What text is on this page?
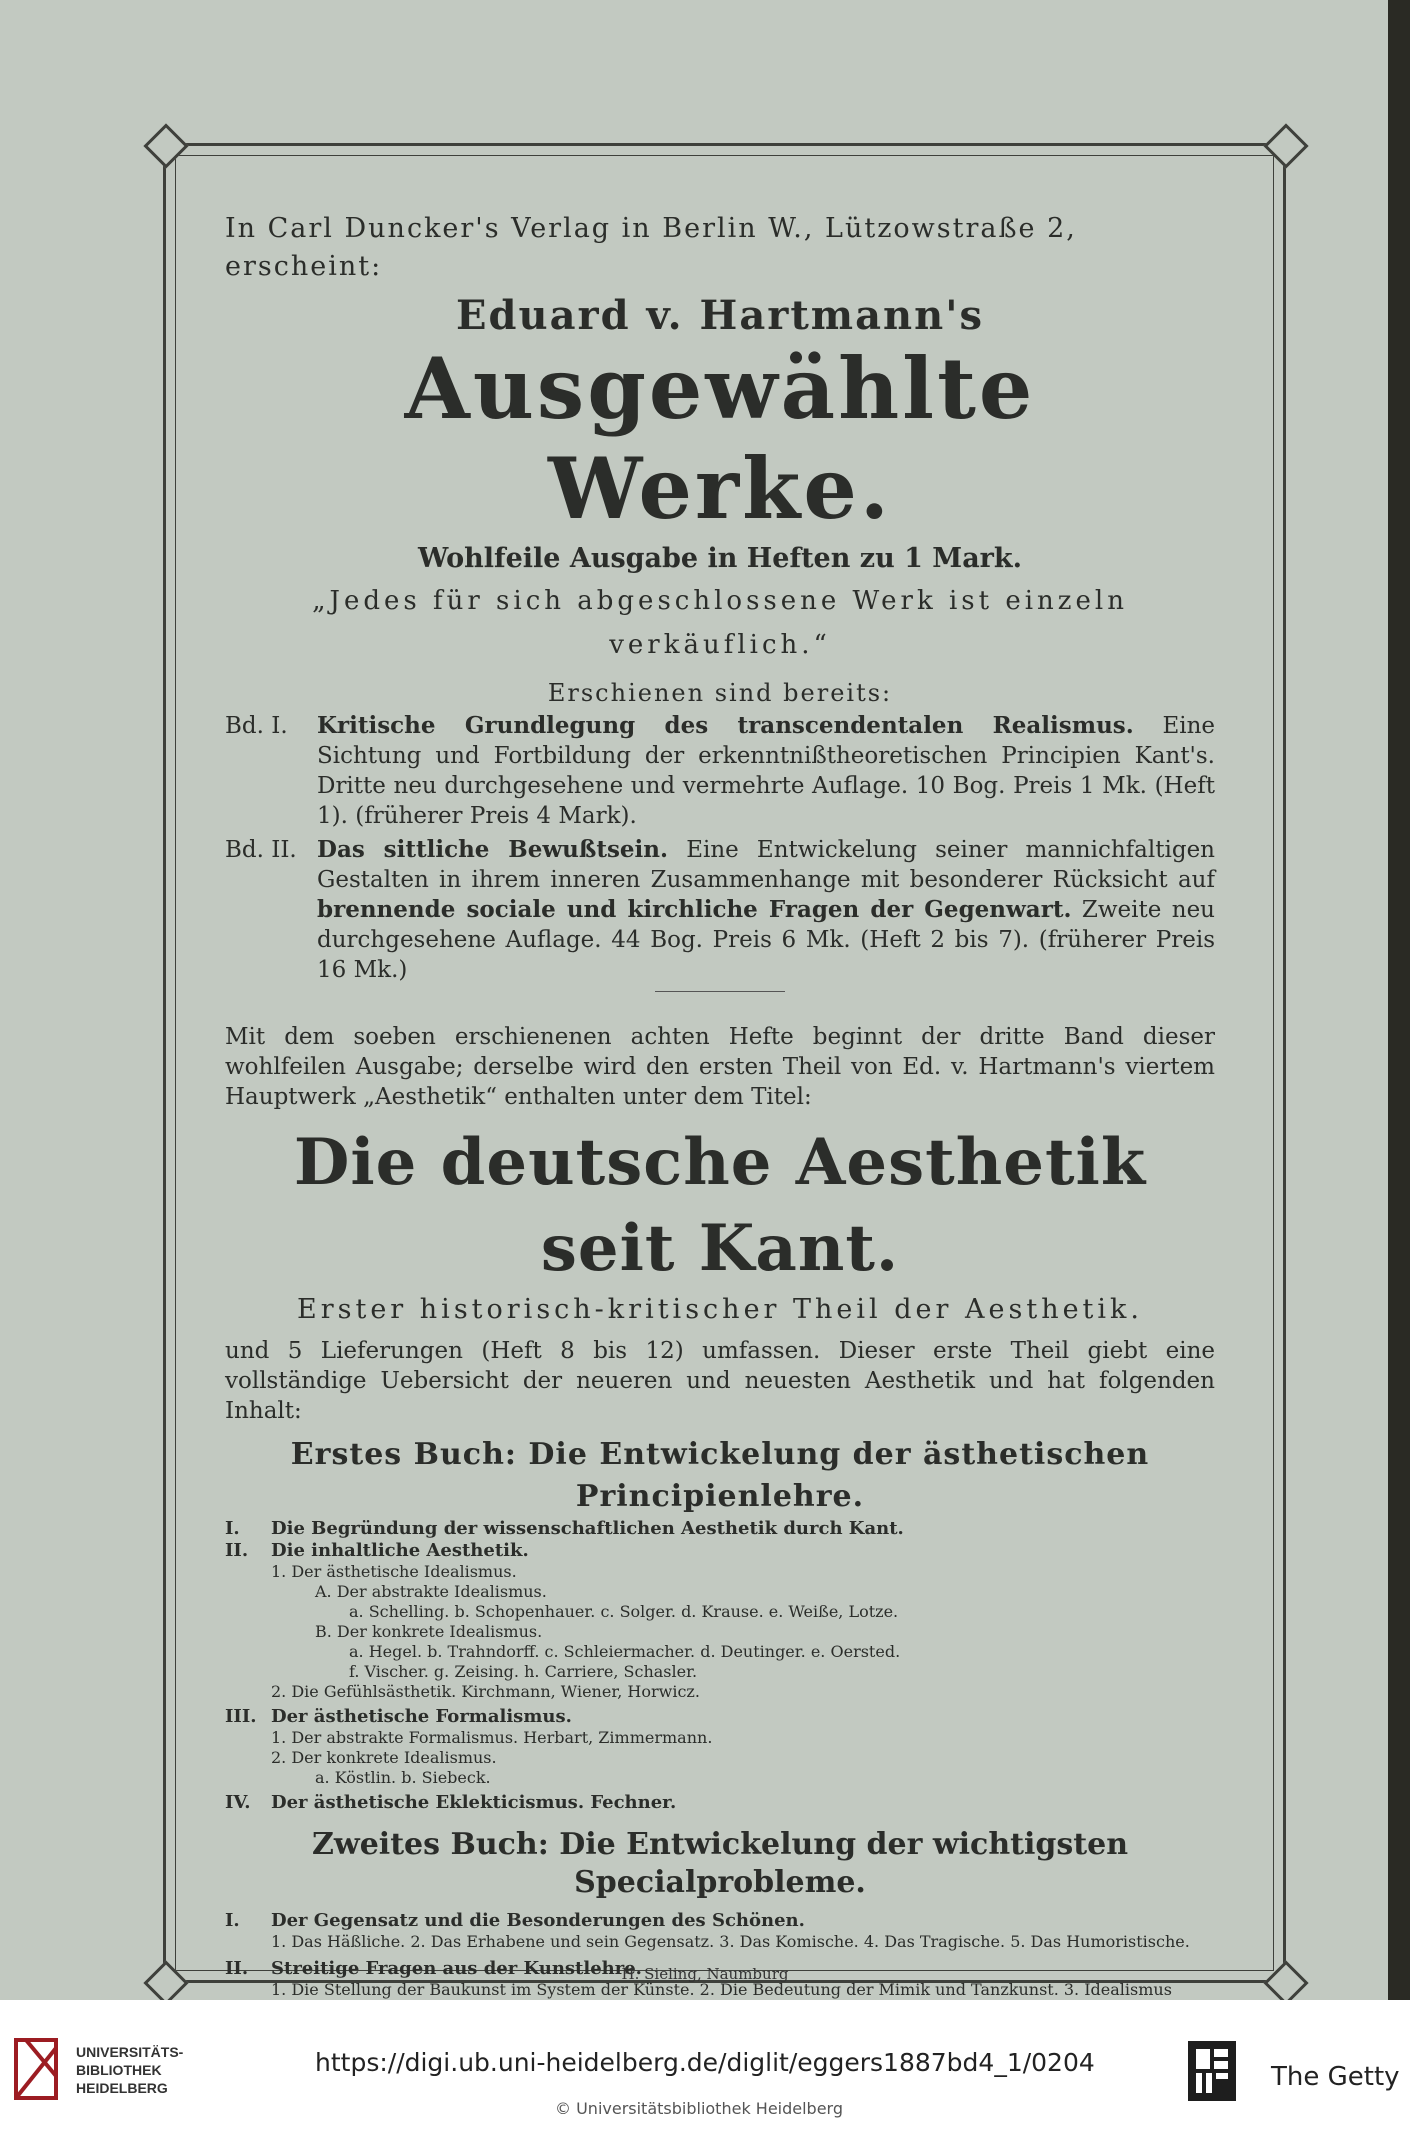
In Carl Duncker's Verlag in Berlin W., Lützowstraße 2,

erscheint:

Eduard v. Hartmann's
Ausgewählte Werke.
Wohlfeile Ausgabe in Heften zu 1 Mark.
„Jedes für sich abgeschlossene Werk ist einzeln verkäuflich.“
Erschienen sind bereits:
Bd. I.	Kritische Grundlegung des transcendentalen Realismus. Eine Sichtung und Fortbildung der erkenntnißtheoretischen Principien Kant's. Dritte neu durchgesehene und vermehrte Auflage. 10 Bog. Preis 1 Mk. (Heft 1). (früherer Preis 4 Mark).
Bd. II. Das sittliche Bewußtsein. Eine Entwickelung seiner mannichfaltigen Gestalten in ihrem inneren Zusammenhange mit besonderer Rücksicht auf brennende sociale und kirchliche Fragen der Gegenwart. Zweite neu durchgesehene Auflage. 44 Bog. Preis 6 Mk. (Heft 2 bis 7). (früherer Preis 16 Mk.)
Mit dem soeben erschienenen achten Hefte beginnt der dritte Band dieser wohlfeilen Ausgabe; derselbe wird den ersten Theil von Ed. v. Hartmann's viertem Hauptwerk „Aesthetik“ enthalten unter dem Titel:
Die deutsche Aesthetik seit Kant.
Erster historisch-kritischer Theil der Aesthetik.
und 5 Lieferungen (Heft 8 bis 12) umfassen. Dieser erste Theil giebt eine vollständige Uebersicht der neueren und neuesten Aesthetik und hat folgenden Inhalt:
Erstes Buch: Die Entwickelung der ästhetischen Principienlehre.
I.	Die Begründung der wissenschaftlichen Aesthetik durch Kant.
II.	Die inhaltliche Aesthetik.
1. Der ästhetische Idealismus.
A. Der abstrakte Idealismus.
a. Schelling. b. Schopenhauer. c. Solger. d. Krause. e. Weiße, Lotze.
B. Der konkrete Idealismus.
a. Hegel. b. Trahndorff. c. Schleiermacher. d. Deutinger. e. Oersted.
f. Vischer. g. Zeising. h. Carriere, Schasler.
2. Die Gefühlsästhetik. Kirchmann, Wiener, Horwicz.
III. Der ästhetische Formalismus.
1. Der abstrakte Formalismus. Herbart, Zimmermann.
2. Der konkrete Idealismus.
a. Köstlin. b. Siebeck.
IV.	Der ästhetische Eklekticismus. Fechner.
Zweites Buch: Die Entwickelung der wichtigsten
Specialprobleme.
I.	Der Gegensatz und die Besonderungen des Schönen.
1. Das Häßliche. 2. Das Erhabene und sein Gegensatz. 3. Das Komische. 4. Das Tragische. 5. Das Humoristische.
II.	Streitige Fragen aus der Kunstlehre.
1. Die Stellung der Baukunst im System der Künste. 2. Die Bedeutung der Mimik und Tanzkunst. 3. Idealismus
H. Sieling, Naumburg
UNIVERSITÄTS-
BIBLIOTHEK
HEIDELBERG
https://digi.ub.uni-heidelberg.de/diglit/eggers1887bd4_1/0204
© Universitätsbibliothek Heidelberg
The Getty
